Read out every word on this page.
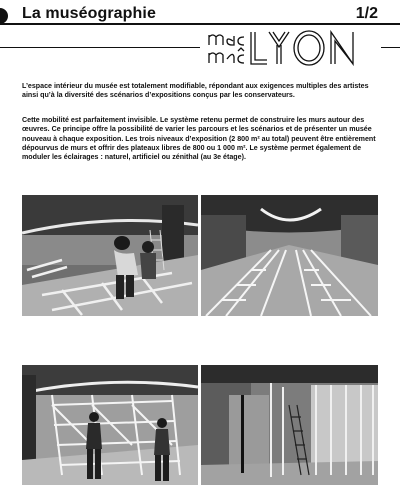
La muséographie	1/2

L’espace intérieur du musée est totalement modifiable, répondant aux exigences multiples des artistes ainsi qu’à la diversité des scénarios d’expositions conçus par les conservateurs.

Cette mobilité est parfaitement invisible. Le système retenu permet de construire les murs autour des œuvres. Ce principe offre la possibilité de varier les parcours et les scénarios et de présenter un musée nouveau à chaque exposition. Les trois niveaux d’exposition (2 800 m² au total) peuvent être entièrement dépourvus de murs et offrir des plateaux libres de 800 ou 1 000 m². Le système permet également de moduler les éclairages : naturel, artificiel ou zénithal (au 3e étage).
